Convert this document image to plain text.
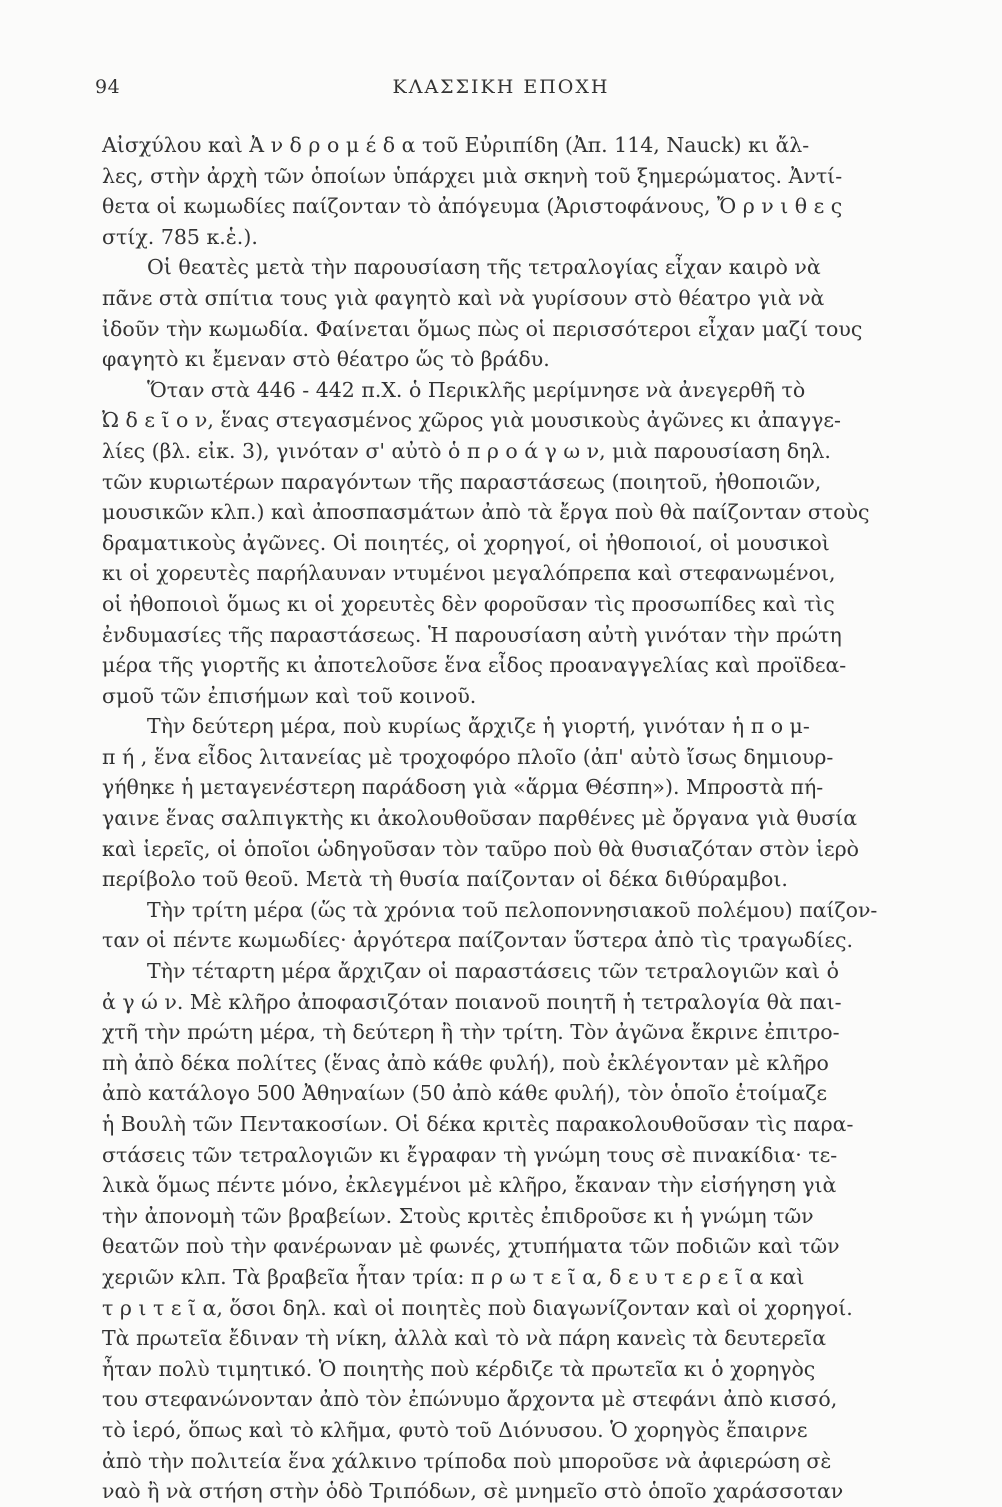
94	ΚΛΑΣΣΙΚΗ ΕΠΟΧΗ
Αἰσχύλου καὶ Ἀ ν δ ρ ο μ έ δ α τοῦ Εὐριπίδη (Ἀπ. 114, Nauck) κι ἄλ-
λες, στὴν ἀρχὴ τῶν ὁποίων ὑπάρχει μιὰ σκηνὴ τοῦ ξημερώματος. Ἀντί-
θετα οἱ κωμωδίες παίζονταν τὸ ἀπόγευμα (Ἀριστοφάνους, Ὄ ρ ν ι θ ε ς
στίχ. 785 κ.ἑ.).
Οἱ θεατὲς μετὰ τὴν παρουσίαση τῆς τετραλογίας εἶχαν καιρὸ νὰ
πᾶνε στὰ σπίτια τους γιὰ φαγητὸ καὶ νὰ γυρίσουν στὸ θέατρο γιὰ νὰ
ἰδοῦν τὴν κωμωδία. Φαίνεται ὅμως πὼς οἱ περισσότεροι εἶχαν μαζί τους
φαγητὸ κι ἔμεναν στὸ θέατρο ὥς τὸ βράδυ.
Ὅταν στὰ 446 - 442 π.Χ. ὁ Περικλῆς μερίμνησε νὰ ἀνεγερθῆ τὸ
Ὠ δ ε ῖ ο ν, ἕνας στεγασμένος χῶρος γιὰ μουσικοὺς ἀγῶνες κι ἀπαγγε-
λίες (βλ. εἰκ. 3), γινόταν σ' αὐτὸ ὁ π ρ ο ά γ ω ν, μιὰ παρουσίαση δηλ.
τῶν κυριωτέρων παραγόντων τῆς παραστάσεως (ποιητοῦ, ἠθοποιῶν,
μουσικῶν κλπ.) καὶ ἀποσπασμάτων ἀπὸ τὰ ἔργα ποὺ θὰ παίζονταν στοὺς
δραματικοὺς ἀγῶνες. Οἱ ποιητές, οἱ χορηγοί, οἱ ἠθοποιοί, οἱ μουσικοὶ
κι οἱ χορευτὲς παρήλαυναν ντυμένοι μεγαλόπρεπα καὶ στεφανωμένοι,
οἱ ἠθοποιοὶ ὅμως κι οἱ χορευτὲς δὲν φοροῦσαν τὶς προσωπίδες καὶ τὶς
ἐνδυμασίες τῆς παραστάσεως. Ἡ παρουσίαση αὐτὴ γινόταν τὴν πρώτη
μέρα τῆς γιορτῆς κι ἀποτελοῦσε ἕνα εἶδος προαναγγελίας καὶ προϊδεα-
σμοῦ τῶν ἐπισήμων καὶ τοῦ κοινοῦ.
Τὴν δεύτερη μέρα, ποὺ κυρίως ἄρχιζε ἡ γιορτή, γινόταν ἡ π ο μ-
π ή , ἕνα εἶδος λιτανείας μὲ τροχοφόρο πλοῖο (ἀπ' αὐτὸ ἴσως δημιουρ-
γήθηκε ἡ μεταγενέστερη παράδοση γιὰ «ἅρμα Θέσπη»). Μπροστὰ πή-
γαινε ἕνας σαλπιγκτὴς κι ἀκολουθοῦσαν παρθένες μὲ ὄργανα γιὰ θυσία
καὶ ἱερεῖς, οἱ ὁποῖοι ὡδηγοῦσαν τὸν ταῦρο ποὺ θὰ θυσιαζόταν στὸν ἱερὸ
περίβολο τοῦ θεοῦ. Μετὰ τὴ θυσία παίζονταν οἱ δέκα διθύραμβοι.
Τὴν τρίτη μέρα (ὥς τὰ χρόνια τοῦ πελοποννησιακοῦ πολέμου) παίζον-
ταν οἱ πέντε κωμωδίες· ἀργότερα παίζονταν ὕστερα ἀπὸ τὶς τραγωδίες.
Τὴν τέταρτη μέρα ἄρχιζαν οἱ παραστάσεις τῶν τετραλογιῶν καὶ ὁ
ἀ γ ώ ν. Μὲ κλῆρο ἀποφασιζόταν ποιανοῦ ποιητῆ ἡ τετραλογία θὰ παι-
χτῆ τὴν πρώτη μέρα, τὴ δεύτερη ἢ τὴν τρίτη. Τὸν ἀγῶνα ἔκρινε ἐπιτρο-
πὴ ἀπὸ δέκα πολίτες (ἕνας ἀπὸ κάθε φυλή), ποὺ ἐκλέγονταν μὲ κλῆρο
ἀπὸ κατάλογο 500 Ἀθηναίων (50 ἀπὸ κάθε φυλή), τὸν ὁποῖο ἑτοίμαζε
ἡ Βουλὴ τῶν Πεντακοσίων. Οἱ δέκα κριτὲς παρακολουθοῦσαν τὶς παρα-
στάσεις τῶν τετραλογιῶν κι ἔγραφαν τὴ γνώμη τους σὲ πινακίδια· τε-
λικὰ ὅμως πέντε μόνο, ἐκλεγμένοι μὲ κλῆρο, ἔκαναν τὴν εἰσήγηση γιὰ
τὴν ἀπονομὴ τῶν βραβείων. Στοὺς κριτὲς ἐπιδροῦσε κι ἡ γνώμη τῶν
θεατῶν ποὺ τὴν φανέρωναν μὲ φωνές, χτυπήματα τῶν ποδιῶν καὶ τῶν
χεριῶν κλπ. Τὰ βραβεῖα ἦταν τρία: π ρ ω τ ε ῖ α, δ ε υ τ ε ρ ε ῖ α καὶ
τ ρ ι τ ε ῖ α, ὅσοι δηλ. καὶ οἱ ποιητὲς ποὺ διαγωνίζονταν καὶ οἱ χορηγοί.
Τὰ πρωτεῖα ἔδιναν τὴ νίκη, ἀλλὰ καὶ τὸ νὰ πάρη κανεὶς τὰ δευτερεῖα
ἦταν πολὺ τιμητικό. Ὁ ποιητὴς ποὺ κέρδιζε τὰ πρωτεῖα κι ὁ χορηγὸς
του στεφανώνονταν ἀπὸ τὸν ἐπώνυμο ἄρχοντα μὲ στεφάνι ἀπὸ κισσό,
τὸ ἱερό, ὅπως καὶ τὸ κλῆμα, φυτὸ τοῦ Διόνυσου. Ὁ χορηγὸς ἔπαιρνε
ἀπὸ τὴν πολιτεία ἕνα χάλκινο τρίποδα ποὺ μποροῦσε νὰ ἀφιερώση σὲ
ναὸ ἢ νὰ στήση στὴν ὁδὸ Τριπόδων, σὲ μνημεῖο στὸ ὁποῖο χαράσσοταν
